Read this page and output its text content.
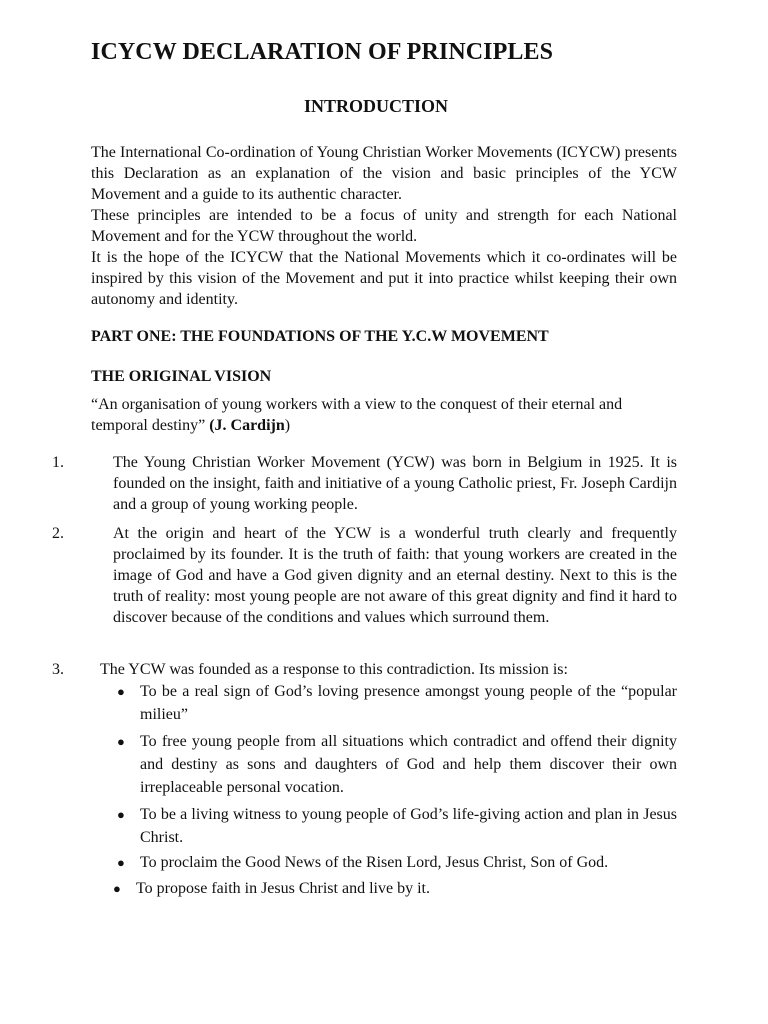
ICYCW DECLARATION OF PRINCIPLES
INTRODUCTION

The International Co-ordination of Young Christian Worker Movements (ICYCW) presents this Declaration as an explanation of the vision and basic principles of the YCW Movement and a guide to its authentic character.

These principles are intended to be a focus of unity and strength for each National Movement and for the YCW throughout the world.

It is the hope of the ICYCW that the National Movements which it co-ordinates will be inspired by this vision of the Movement and put it into practice whilst keeping their own autonomy and identity.

PART ONE: THE FOUNDATIONS OF THE Y.C.W MOVEMENT
THE ORIGINAL VISION

“An organisation of young workers with a view to the conquest of their eternal and temporal destiny” (J. Cardijn)

1.	The Young Christian Worker Movement (YCW) was born in Belgium in 1925. It is founded on the insight, faith and initiative of a young Catholic priest, Fr. Joseph Cardijn and a group of young working people.

2.	At the origin and heart of the YCW is a wonderful truth clearly and frequently proclaimed by its founder. It is the truth of faith: that young workers are created in the image of God and have a God given dignity and an eternal destiny. Next to this is the truth of reality: most young people are not aware of this great dignity and find it hard to discover because of the conditions and values which surround them.

3. The YCW was founded as a response to this contradiction. Its mission is:

● To be a real sign of God’s loving presence amongst young people of the “popular milieu”
● To free young people from all situations which contradict and offend their dignity and destiny as sons and daughters of God and help them discover their own irreplaceable personal vocation.
● To be a living witness to young people of God’s life-giving action and plan in Jesus Christ.
● To proclaim the Good News of the Risen Lord, Jesus Christ, Son of God.
● To propose faith in Jesus Christ and live by it.
